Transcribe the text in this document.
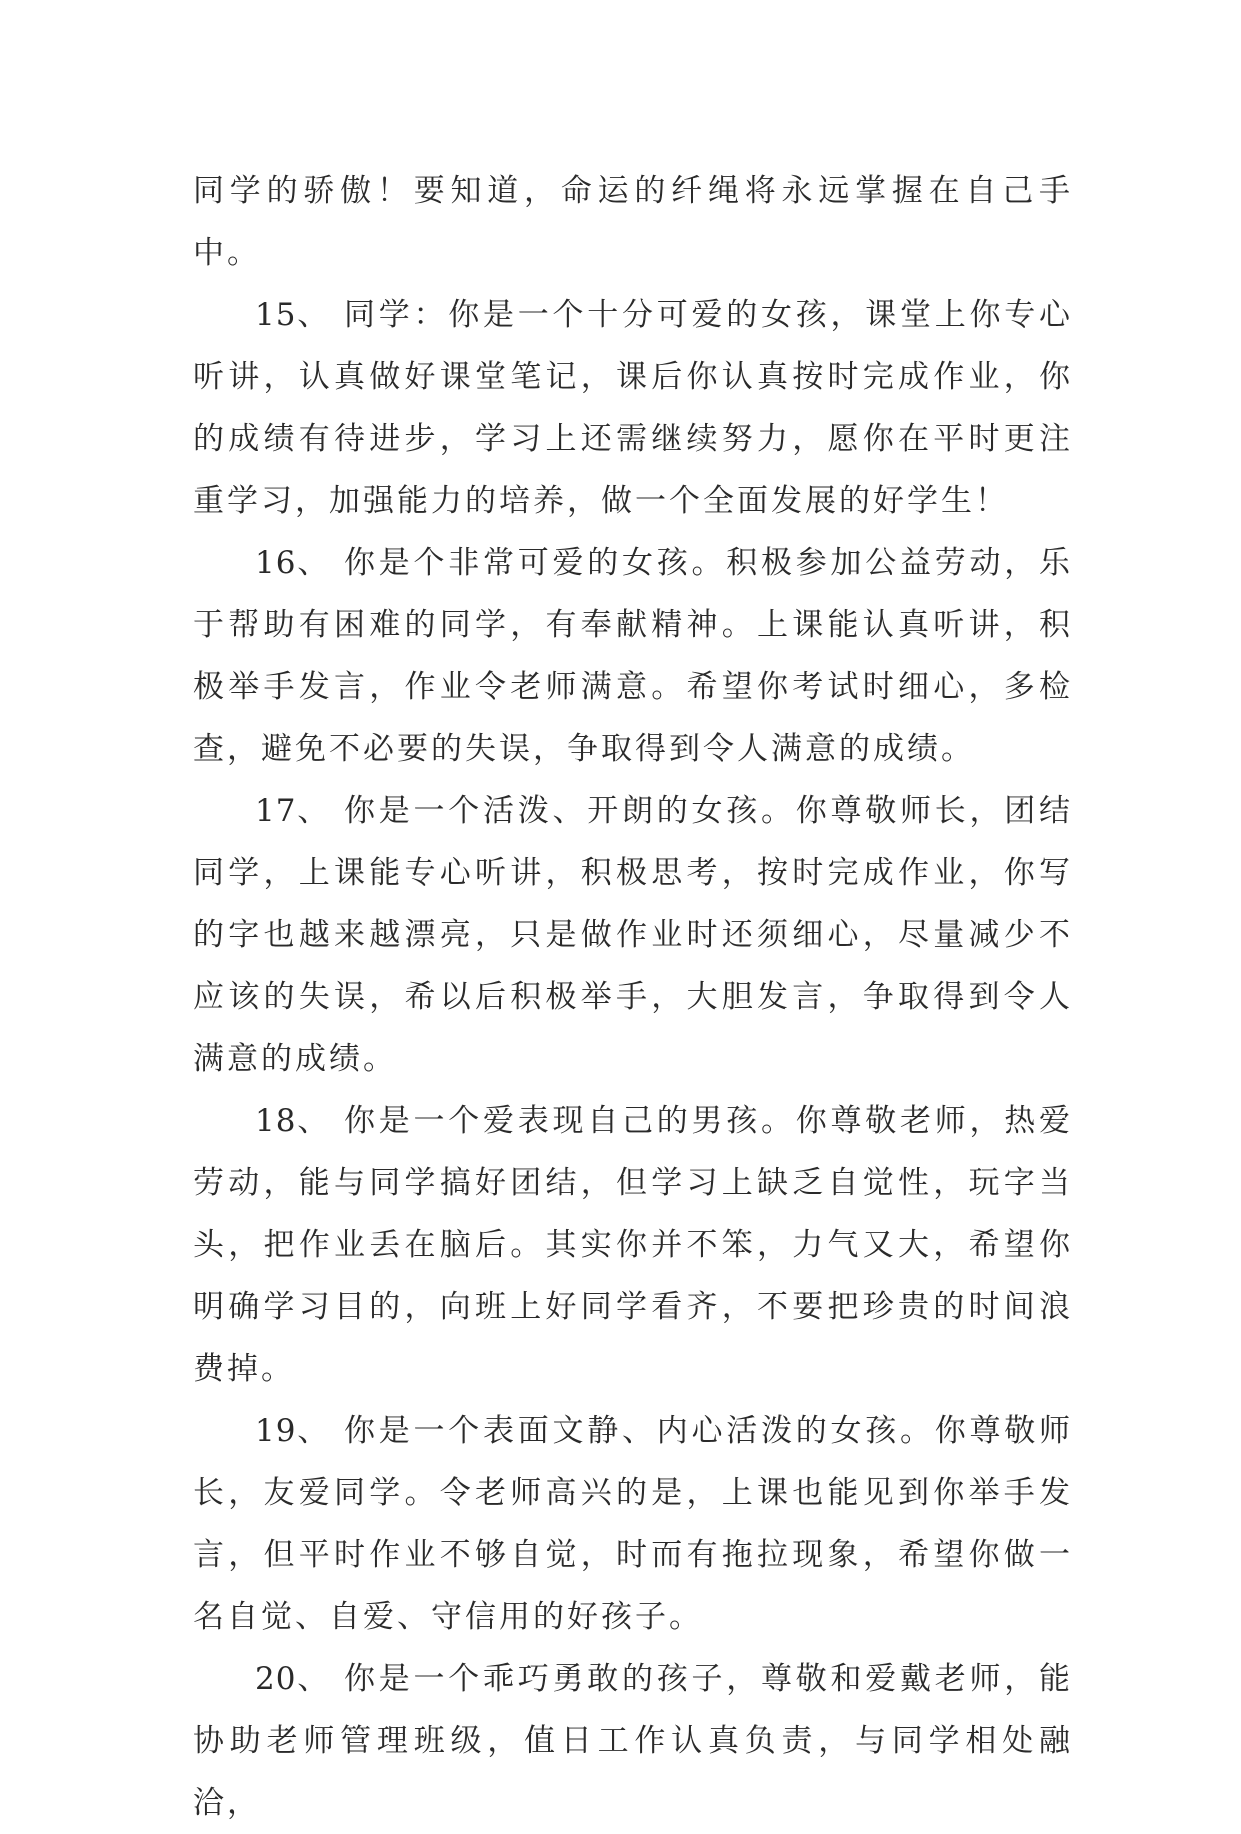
同学的骄傲！要知道，命运的纤绳将永远掌握在自己手中。

15、 同学：你是一个十分可爱的女孩，课堂上你专心听讲，认真做好课堂笔记，课后你认真按时完成作业，你的成绩有待进步，学习上还需继续努力，愿你在平时更注重学习，加强能力的培养，做一个全面发展的好学生！

16、 你是个非常可爱的女孩。积极参加公益劳动，乐于帮助有困难的同学，有奉献精神。上课能认真听讲，积极举手发言，作业令老师满意。希望你考试时细心，多检查，避免不必要的失误，争取得到令人满意的成绩。

17、 你是一个活泼、开朗的女孩。你尊敬师长，团结同学，上课能专心听讲，积极思考，按时完成作业，你写的字也越来越漂亮，只是做作业时还须细心，尽量减少不应该的失误，希以后积极举手，大胆发言，争取得到令人满意的成绩。

18、 你是一个爱表现自己的男孩。你尊敬老师，热爱劳动，能与同学搞好团结，但学习上缺乏自觉性，玩字当头，把作业丢在脑后。其实你并不笨，力气又大，希望你明确学习目的，向班上好同学看齐，不要把珍贵的时间浪费掉。

19、 你是一个表面文静、内心活泼的女孩。你尊敬师长，友爱同学。令老师高兴的是，上课也能见到你举手发言，但平时作业不够自觉，时而有拖拉现象，希望你做一名自觉、自爱、守信用的好孩子。

20、 你是一个乖巧勇敢的孩子，尊敬和爱戴老师，能协助老师管理班级，值日工作认真负责，与同学相处融洽，
